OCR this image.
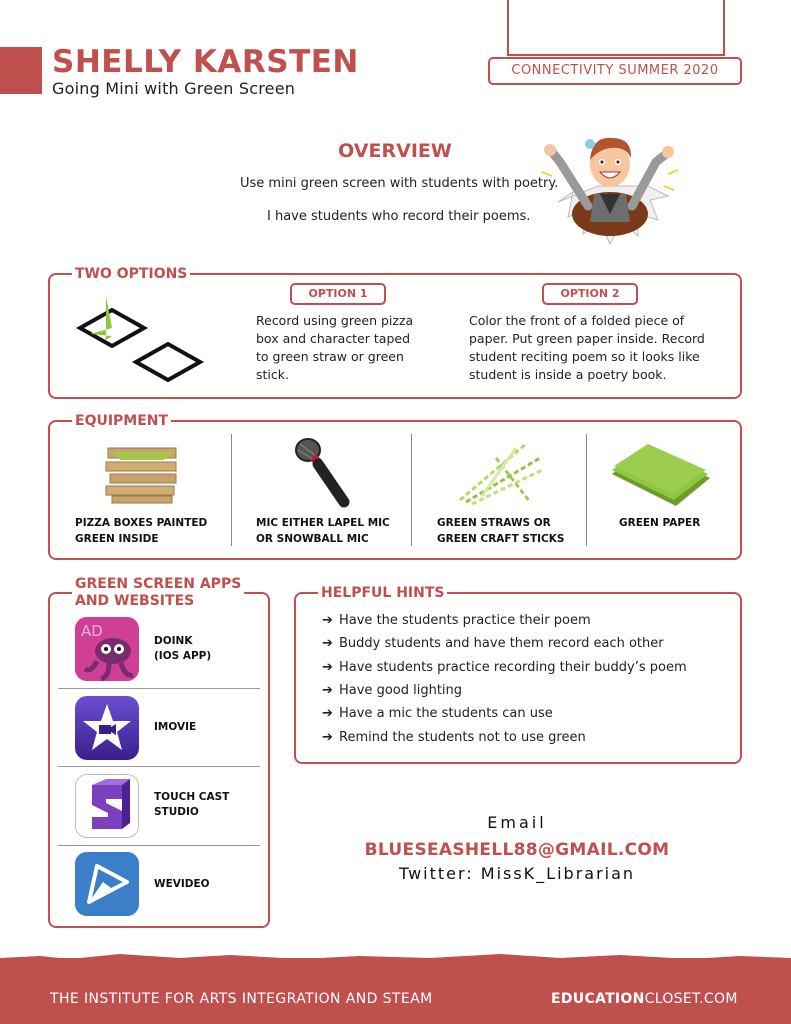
SHELLY KARSTEN
Going Mini with Green Screen
CONNECTIVITY SUMMER 2020
OVERVIEW
Use mini green screen with students with poetry.
I have students who record their poems.
TWO OPTIONS
OPTION 1	OPTION 2
Record using green pizza
box and character taped
to green straw or green
stick.
Color the front of a folded piece of
paper. Put green paper inside. Record
student reciting poem so it looks like
student is inside a poetry book.
EQUIPMENT
PIZZA BOXES PAINTED
GREEN INSIDE
MIC EITHER LAPEL MIC
OR SNOWBALL MIC
GREEN STRAWS OR
GREEN CRAFT STICKS
GREEN PAPER
GREEN SCREEN APPS
AND WEBSITES
AD
DOINK
(IOS APP)
IMOVIE
TOUCH CAST
STUDIO
WEVIDEO
HELPFUL HINTS
➔ Have the students practice their poem
➔ Buddy students and have them record each other
➔ Have students practice recording their buddy’s poem
➔ Have good lighting
➔ Have a mic the students can use
➔ Remind the students not to use green
Email
BLUESEASHELL88@GMAIL.COM
Twitter: MissK_Librarian
THE INSTITUTE FOR ARTS INTEGRATION AND STEAM	EDUCATIONCLOSET.COM
